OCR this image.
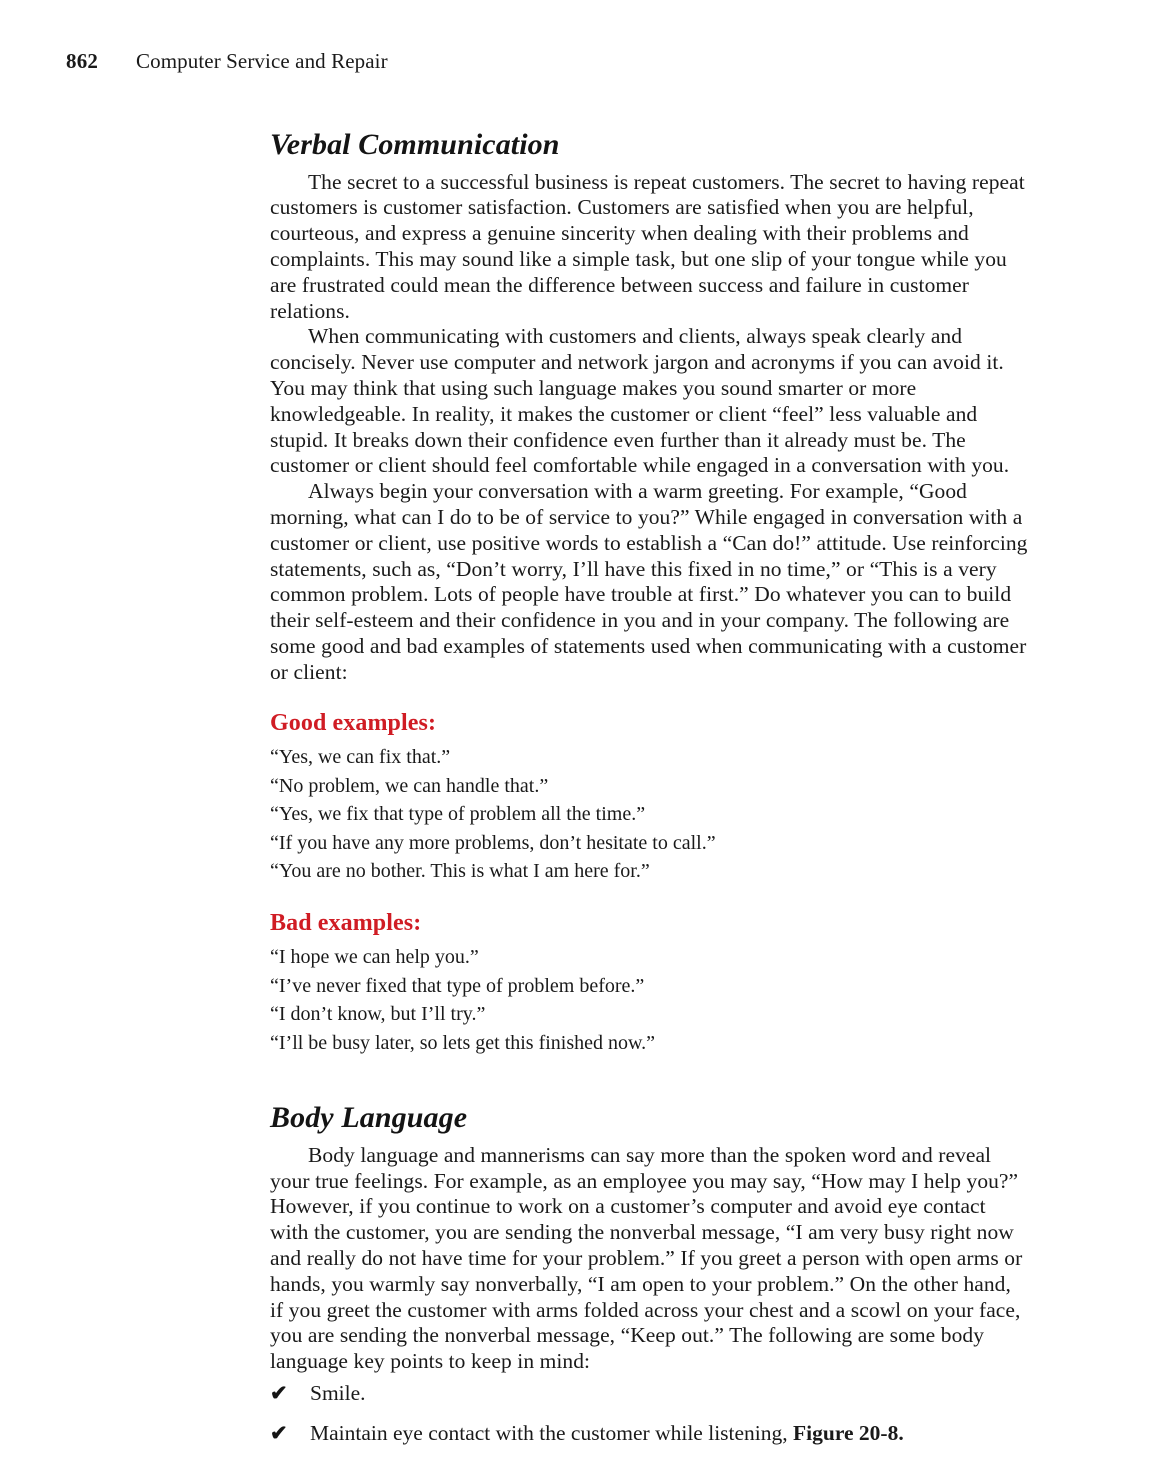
862	Computer Service and Repair
Verbal Communication

The secret to a successful business is repeat customers. The secret to having repeat customers is customer satisfaction. Customers are satisfied when you are helpful, courteous, and express a genuine sincerity when dealing with their problems and complaints. This may sound like a simple task, but one slip of your tongue while you are frustrated could mean the difference between success and failure in customer relations.

When communicating with customers and clients, always speak clearly and concisely. Never use computer and network jargon and acronyms if you can avoid it. You may think that using such language makes you sound smarter or more knowledgeable. In reality, it makes the customer or client “feel” less valuable and stupid. It breaks down their confidence even further than it already must be. The customer or client should feel comfortable while engaged in a conversation with you.

Always begin your conversation with a warm greeting. For example, “Good morning, what can I do to be of service to you?” While engaged in conversation with a customer or client, use positive words to establish a “Can do!” attitude. Use reinforcing statements, such as, “Don’t worry, I’ll have this fixed in no time,” or “This is a very common problem. Lots of people have trouble at first.” Do whatever you can to build their self-esteem and their confidence in you and in your company. The following are some good and bad examples of statements used when communicating with a customer or client:

Good examples:
“Yes, we can fix that.”
“No problem, we can handle that.”
“Yes, we fix that type of problem all the time.”
“If you have any more problems, don’t hesitate to call.”
“You are no bother. This is what I am here for.”
Bad examples:
“I hope we can help you.”
“I’ve never fixed that type of problem before.”
“I don’t know, but I’ll try.”
“I’ll be busy later, so lets get this finished now.”
Body Language

Body language and mannerisms can say more than the spoken word and reveal your true feelings. For example, as an employee you may say, “How may I help you?” However, if you continue to work on a customer’s computer and avoid eye contact with the customer, you are sending the nonverbal message, “I am very busy right now and really do not have time for your problem.” If you greet a person with open arms or hands, you warmly say nonverbally, “I am open to your problem.” On the other hand, if you greet the customer with arms folded across your chest and a scowl on your face, you are sending the nonverbal message, “Keep out.” The following are some body language key points to keep in mind:

✔	Smile.
✔	Maintain eye contact with the customer while listening, Figure 20-8.
